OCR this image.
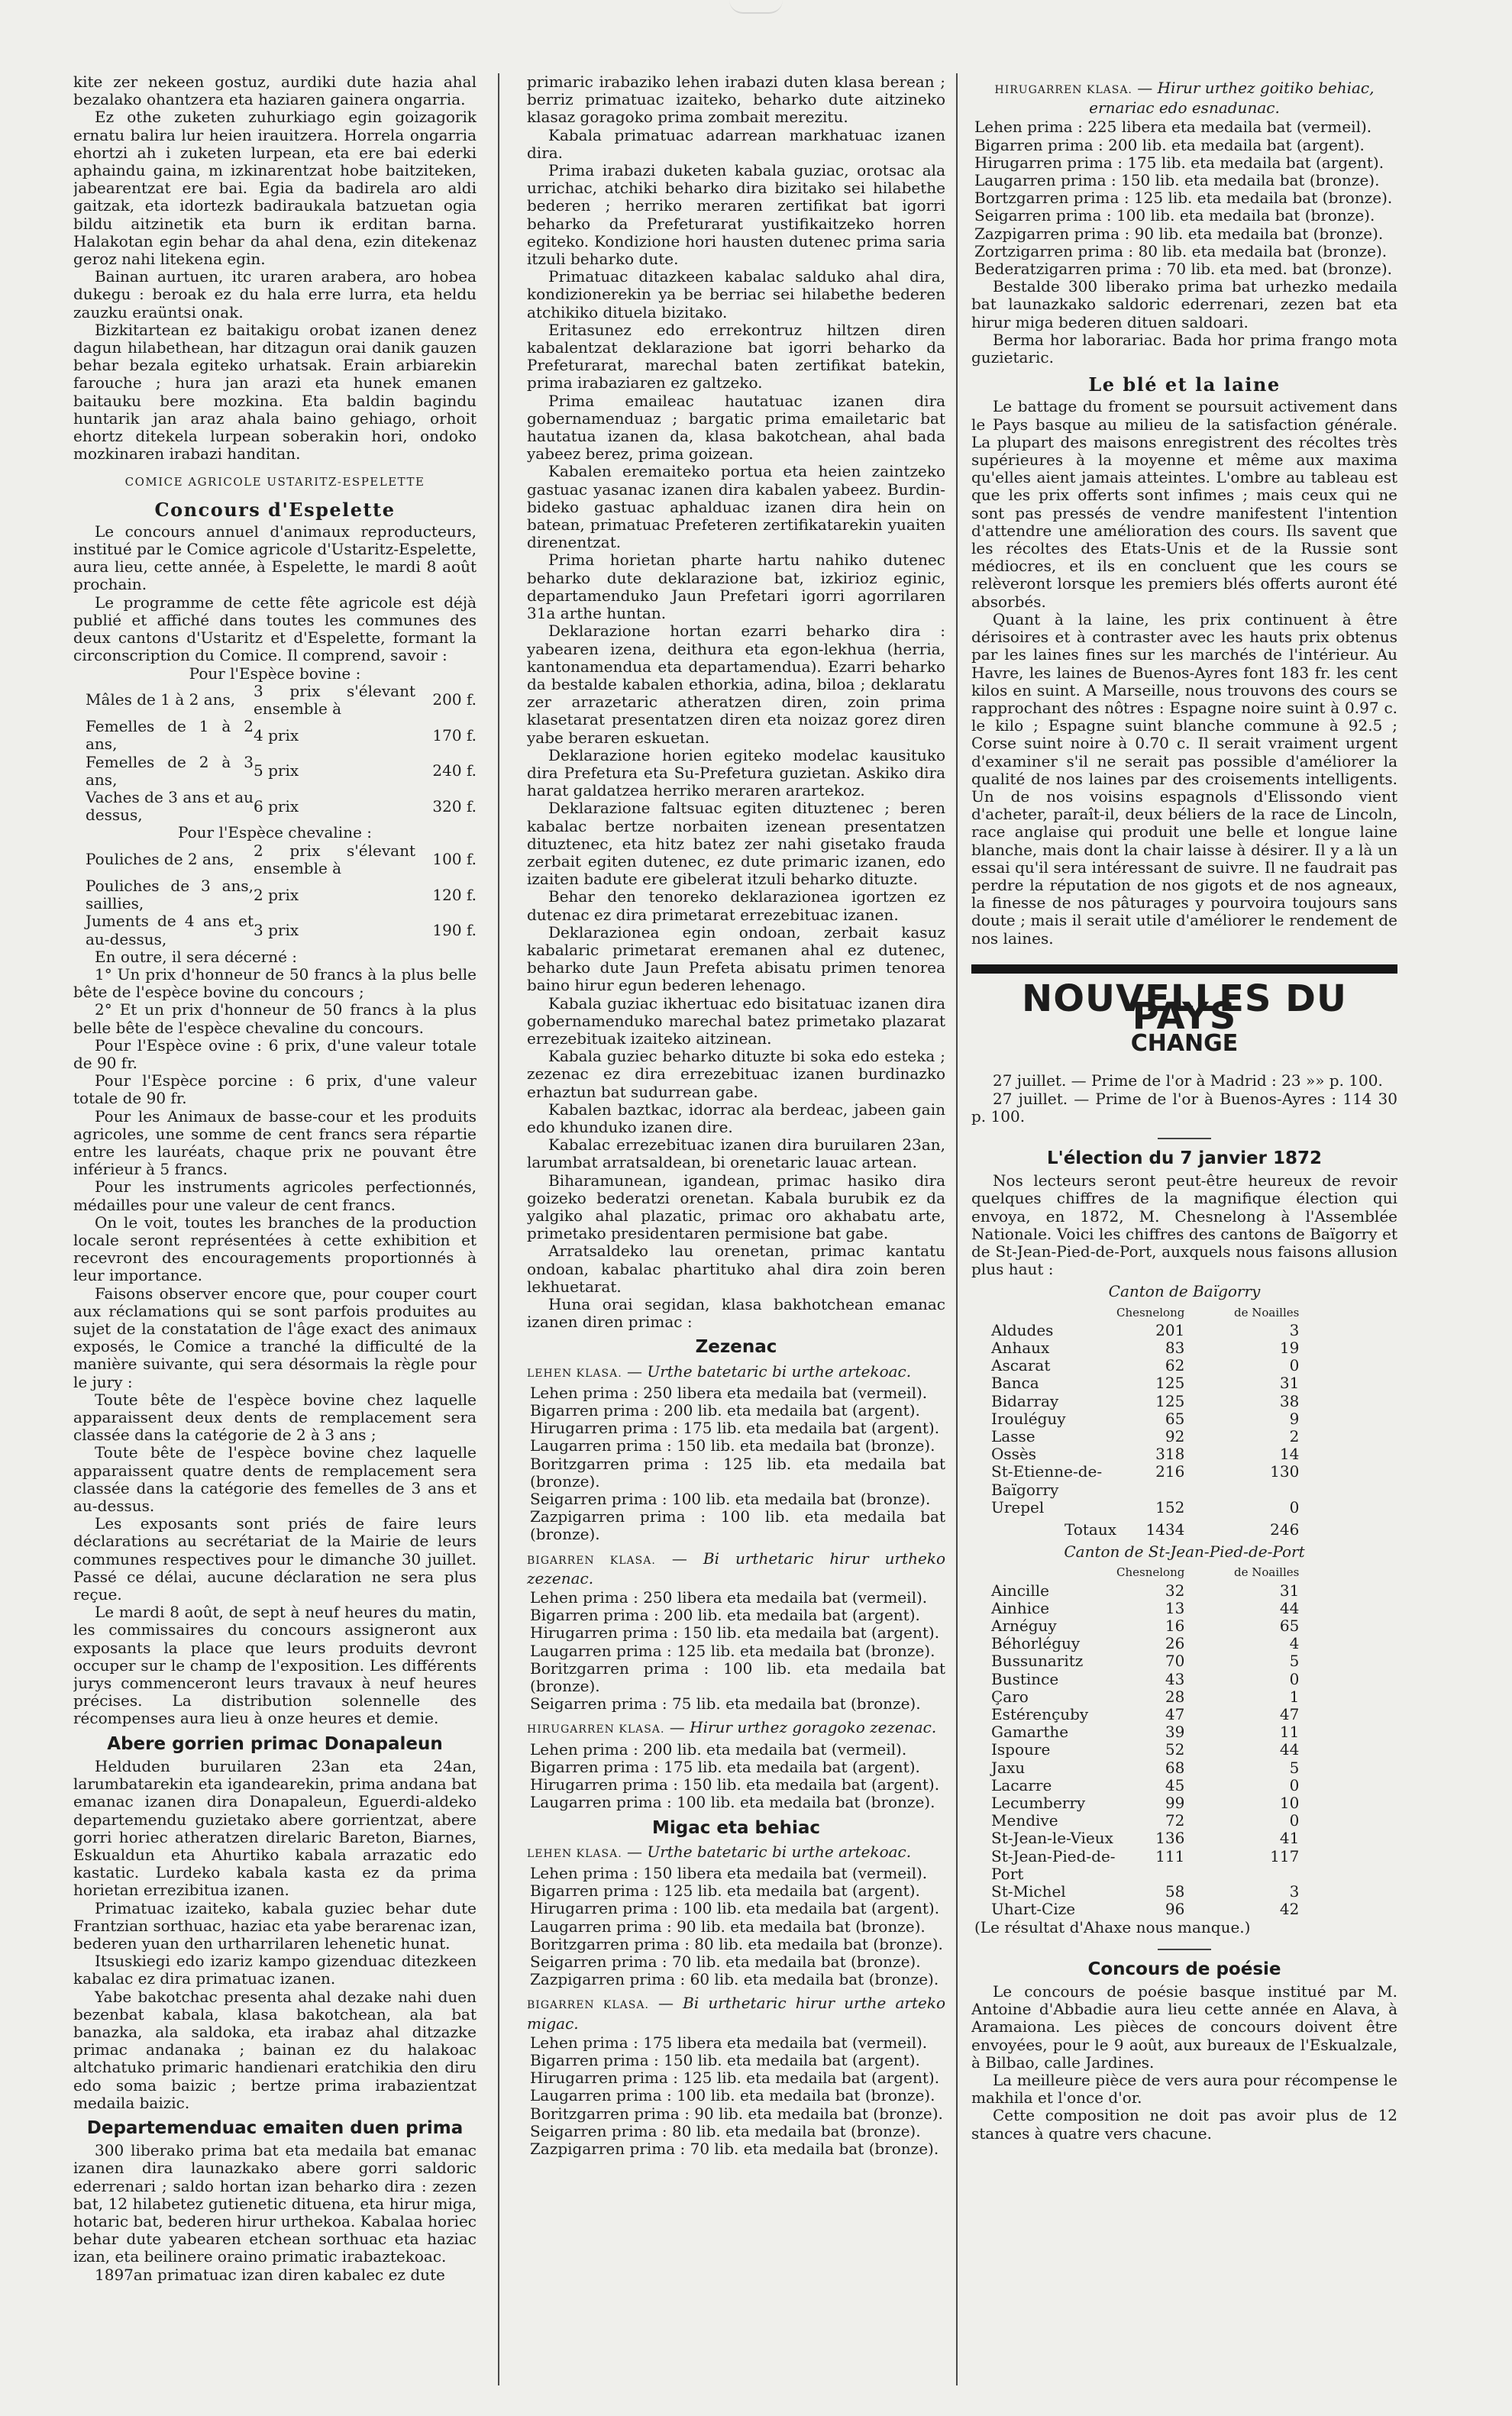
kite zer nekeen gostuz, aurdiki dute hazia ahal bezalako ohantzera eta haziaren gainera ongarria.

Ez othe zuketen zuhurkiago egin goizagorik ernatu balira lur heien irauitzera. Horrela ongarria ehortzi ah i zuketen lurpean, eta ere bai ederki aphaindu gaina, m izkinarentzat hobe baitziteken, jabearentzat ere bai. Egia da badirela aro aldi gaitzak, eta idortezk badiraukala batzuetan ogia bildu aitzinetik eta burn ik erditan barna. Halakotan egin behar da ahal dena, ezin ditekenaz geroz nahi litekena egin.

Bainan aurtuen, itc uraren arabera, aro hobea dukegu : beroak ez du hala erre lurra, eta heldu zauzku eraüntsi onak.

Bizkitartean ez baitakigu orobat izanen denez dagun hilabethean, har ditzagun orai danik gauzen behar bezala egiteko urhatsak. Erain arbiarekin farouche ; hura jan arazi eta hunek emanen baitauku bere mozkina. Eta baldin bagindu huntarik jan araz ahala baino gehiago, orhoit ehortz ditekela lurpean soberakin hori, ondoko mozkinaren irabazi handitan.

COMICE AGRICOLE USTARITZ-ESPELETTE
Concours d'Espelette

Le concours annuel d'animaux reproducteurs, institué par le Comice agricole d'Ustaritz-Espelette, aura lieu, cette année, à Espelette, le mardi 8 août prochain.

Le programme de cette fête agricole est déjà publié et affiché dans toutes les communes des deux cantons d'Ustaritz et d'Espelette, formant la circonscription du Comice. Il comprend, savoir :

Pour l'Espèce bovine :
Mâles de 1 à 2 ans,	3 prix s'élevant ensemble à	200 f.
Femelles de 1 à 2 ans,	4 prix	170 f.
Femelles de 2 à 3 ans,	5 prix	240 f.
Vaches de 3 ans et au dessus,	6 prix	320 f.
Pour l'Espèce chevaline :
Pouliches de 2 ans,	2 prix s'élevant ensemble à	100 f.
Pouliches de 3 ans, saillies,	2 prix	120 f.
Juments de 4 ans et au-dessus,	3 prix	190 f.

En outre, il sera décerné :

1° Un prix d'honneur de 50 francs à la plus belle bête de l'espèce bovine du concours ;

2° Et un prix d'honneur de 50 francs à la plus belle bête de l'espèce chevaline du concours.

Pour l'Espèce ovine : 6 prix, d'une valeur totale de 90 fr.

Pour l'Espèce porcine : 6 prix, d'une valeur totale de 90 fr.

Pour les Animaux de basse-cour et les produits agricoles, une somme de cent francs sera répartie entre les lauréats, chaque prix ne pouvant être inférieur à 5 francs.

Pour les instruments agricoles perfectionnés, médailles pour une valeur de cent francs.

On le voit, toutes les branches de la production locale seront représentées à cette exhibition et recevront des encouragements proportionnés à leur importance.

Faisons observer encore que, pour couper court aux réclamations qui se sont parfois produites au sujet de la constatation de l'âge exact des animaux exposés, le Comice a tranché la difficulté de la manière suivante, qui sera désormais la règle pour le jury :

Toute bête de l'espèce bovine chez laquelle apparaissent deux dents de remplacement sera classée dans la catégorie de 2 à 3 ans ;

Toute bête de l'espèce bovine chez laquelle apparaissent quatre dents de remplacement sera classée dans la catégorie des femelles de 3 ans et au-dessus.

Les exposants sont priés de faire leurs déclarations au secrétariat de la Mairie de leurs communes respectives pour le dimanche 30 juillet. Passé ce délai, aucune déclaration ne sera plus reçue.

Le mardi 8 août, de sept à neuf heures du matin, les commissaires du concours assigneront aux exposants la place que leurs produits devront occuper sur le champ de l'exposition. Les différents jurys commenceront leurs travaux à neuf heures précises. La distribution solennelle des récompenses aura lieu à onze heures et demie.

Abere gorrien primac Donapaleun

Helduden buruilaren 23an eta 24an, larumbatarekin eta igandearekin, prima andana bat emanac izanen dira Donapaleun, Eguerdi-aldeko departemendu guzietako abere gorrientzat, abere gorri horiec atheratzen direlaric Bareton, Biarnes, Eskualdun eta Ahurtiko kabala arrazatic edo kastatic. Lurdeko kabala kasta ez da prima horietan errezibitua izanen.

Primatuac izaiteko, kabala guziec behar dute Frantzian sorthuac, haziac eta yabe berarenac izan, bederen yuan den urtharrilaren lehenetic hunat.

Itsuskiegi edo izariz kampo gizenduac ditezkeen kabalac ez dira primatuac izanen.

Yabe bakotchac presenta ahal dezake nahi duen bezenbat kabala, klasa bakotchean, ala bat banazka, ala saldoka, eta irabaz ahal ditzazke primac andanaka ; bainan ez du halakoac altchatuko primaric handienari eratchikia den diru edo soma baizic ; bertze prima irabazientzat medaila baizic.

Departemenduac emaiten duen prima

300 liberako prima bat eta medaila bat emanac izanen dira launazkako abere gorri saldoric ederrenari ; saldo hortan izan beharko dira : zezen bat, 12 hilabetez gutienetic dituena, eta hirur miga, hotaric bat, bederen hirur urthekoa. Kabalaa horiec behar dute yabearen etchean sorthuac eta haziac izan, eta beilinere oraino primatic irabaztekoac.

1897an primatuac izan diren kabalec ez dute

primaric irabaziko lehen irabazi duten klasa berean ; berriz primatuac izaiteko, beharko dute aitzineko klasaz goragoko prima zombait merezitu.

Kabala primatuac adarrean markhatuac izanen dira.

Prima irabazi duketen kabala guziac, orotsac ala urrichac, atchiki beharko dira bizitako sei hilabethe bederen ; herriko meraren zertifikat bat igorri beharko da Prefeturarat yustifikaitzeko horren egiteko. Kondizione hori hausten dutenec prima saria itzuli beharko dute.

Primatuac ditazkeen kabalac salduko ahal dira, kondizionerekin ya be berriac sei hilabethe bederen atchikiko dituela bizitako.

Eritasunez edo errekontruz hiltzen diren kabalentzat deklarazione bat igorri beharko da Prefeturarat, marechal baten zertifikat batekin, prima irabaziaren ez galtzeko.

Prima emaileac hautatuac izanen dira gobernamenduaz ; bargatic prima emailetaric bat hautatua izanen da, klasa bakotchean, ahal bada yabeez berez, prima goizean.

Kabalen eremaiteko portua eta heien zaintzeko gastuac yasanac izanen dira kabalen yabeez. Burdin-bideko gastuac aphalduac izanen dira hein on batean, primatuac Prefeteren zertifikatarekin yuaiten direnentzat.

Prima horietan pharte hartu nahiko dutenec beharko dute deklarazione bat, izkirioz eginic, departamenduko Jaun Prefetari igorri agorrilaren 31a arthe huntan.

Deklarazione hortan ezarri beharko dira : yabearen izena, deithura eta egon-lekhua (herria, kantonamendua eta departamendua). Ezarri beharko da bestalde kabalen ethorkia, adina, biloa ; deklaratu zer arrazetaric atheratzen diren, zoin prima klasetarat presentatzen diren eta noizaz gorez diren yabe beraren eskuetan.

Deklarazione horien egiteko modelac kausituko dira Prefetura eta Su-Prefetura guzietan. Askiko dira harat galdatzea herriko meraren arartekoz.

Deklarazione faltsuac egiten dituztenec ; beren kabalac bertze norbaiten izenean presentatzen dituztenec, eta hitz batez zer nahi gisetako frauda zerbait egiten dutenec, ez dute primaric izanen, edo izaiten badute ere gibelerat itzuli beharko dituzte.

Behar den tenoreko deklarazionea igortzen ez dutenac ez dira primetarat errezebituac izanen.

Deklarazionea egin ondoan, zerbait kasuz kabalaric primetarat eremanen ahal ez dutenec, beharko dute Jaun Prefeta abisatu primen tenorea baino hirur egun bederen lehenago.

Kabala guziac ikhertuac edo bisitatuac izanen dira gobernamenduko marechal batez primetako plazarat errezebituak izaiteko aitzinean.

Kabala guziec beharko dituzte bi soka edo esteka ; zezenac ez dira errezebituac izanen burdinazko erhaztun bat sudurrean gabe.

Kabalen baztkac, idorrac ala berdeac, jabeen gain edo khunduko izanen dire.

Kabalac errezebituac izanen dira buruilaren 23an, larumbat arratsaldean, bi orenetaric lauac artean.

Biharamunean, igandean, primac hasiko dira goizeko bederatzi orenetan. Kabala burubik ez da yalgiko ahal plazatic, primac oro akhabatu arte, primetako presidentaren permisione bat gabe.

Arratsaldeko lau orenetan, primac kantatu ondoan, kabalac phartituko ahal dira zoin beren lekhuetarat.

Huna orai segidan, klasa bakhotchean emanac izanen diren primac :

Zezenac
LEHEN KLASA. — Urthe batetaric bi urthe artekoac.
Lehen prima : 250 libera eta medaila bat (vermeil).
Bigarren prima : 200 lib. eta medaila bat (argent).
Hirugarren prima : 175 lib. eta medaila bat (argent).
Laugarren prima : 150 lib. eta medaila bat (bronze).
Boritzgarren prima : 125 lib. eta medaila bat (bronze).
Seigarren prima : 100 lib. eta medaila bat (bronze).
Zazpigarren prima : 100 lib. eta medaila bat (bronze).
BIGARREN KLASA. — Bi urthetaric hirur urtheko zezenac.
Lehen prima : 250 libera eta medaila bat (vermeil).
Bigarren prima : 200 lib. eta medaila bat (argent).
Hirugarren prima : 150 lib. eta medaila bat (argent).
Laugarren prima : 125 lib. eta medaila bat (bronze).
Boritzgarren prima : 100 lib. eta medaila bat (bronze).
Seigarren prima : 75 lib. eta medaila bat (bronze).
HIRUGARREN KLASA. — Hirur urthez goragoko zezenac.
Lehen prima : 200 lib. eta medaila bat (vermeil).
Bigarren prima : 175 lib. eta medaila bat (argent).
Hirugarren prima : 150 lib. eta medaila bat (argent).
Laugarren prima : 100 lib. eta medaila bat (bronze).
Migac eta behiac
LEHEN KLASA. — Urthe batetaric bi urthe artekoac.
Lehen prima : 150 libera eta medaila bat (vermeil).
Bigarren prima : 125 lib. eta medaila bat (argent).
Hirugarren prima : 100 lib. eta medaila bat (argent).
Laugarren prima : 90 lib. eta medaila bat (bronze).
Boritzgarren prima : 80 lib. eta medaila bat (bronze).
Seigarren prima : 70 lib. eta medaila bat (bronze).
Zazpigarren prima : 60 lib. eta medaila bat (bronze).
BIGARREN KLASA. — Bi urthetaric hirur urthe arteko migac.
Lehen prima : 175 libera eta medaila bat (vermeil).
Bigarren prima : 150 lib. eta medaila bat (argent).
Hirugarren prima : 125 lib. eta medaila bat (argent).
Laugarren prima : 100 lib. eta medaila bat (bronze).
Boritzgarren prima : 90 lib. eta medaila bat (bronze).
Seigarren prima : 80 lib. eta medaila bat (bronze).
Zazpigarren prima : 70 lib. eta medaila bat (bronze).
HIRUGARREN KLASA. — Hirur urthez goitiko behiac, ernariac edo esnadunac.
Lehen prima : 225 libera eta medaila bat (vermeil).
Bigarren prima : 200 lib. eta medaila bat (argent).
Hirugarren prima : 175 lib. eta medaila bat (argent).
Laugarren prima : 150 lib. eta medaila bat (bronze).
Bortzgarren prima : 125 lib. eta medaila bat (bronze).
Seigarren prima : 100 lib. eta medaila bat (bronze).
Zazpigarren prima : 90 lib. eta medaila bat (bronze).
Zortzigarren prima : 80 lib. eta medaila bat (bronze).
Bederatzigarren prima : 70 lib. eta med. bat (bronze).

Bestalde 300 liberako prima bat urhezko medaila bat launazkako saldoric ederrenari, zezen bat eta hirur miga bederen dituen saldoari.

Berma hor laborariac. Bada hor prima frango mota guzietaric.

Le blé et la laine

Le battage du froment se poursuit activement dans le Pays basque au milieu de la satisfaction générale. La plupart des maisons enregistrent des récoltes très supérieures à la moyenne et même aux maxima qu'elles aient jamais atteintes. L'ombre au tableau est que les prix offerts sont infimes ; mais ceux qui ne sont pas pressés de vendre manifestent l'intention d'attendre une amélioration des cours. Ils savent que les récoltes des Etats-Unis et de la Russie sont médiocres, et ils en concluent que les cours se relèveront lorsque les premiers blés offerts auront été absorbés.

Quant à la laine, les prix continuent à être dérisoires et à contraster avec les hauts prix obtenus par les laines fines sur les marchés de l'intérieur. Au Havre, les laines de Buenos-Ayres font 183 fr. les cent kilos en suint. A Marseille, nous trouvons des cours se rapprochant des nôtres : Espagne noire suint à 0.97 c. le kilo ; Espagne suint blanche commune à 92.5 ; Corse suint noire à 0.70 c. Il serait vraiment urgent d'examiner s'il ne serait pas possible d'améliorer la qualité de nos laines par des croisements intelligents. Un de nos voisins espagnols d'Elissondo vient d'acheter, paraît-il, deux béliers de la race de Lincoln, race anglaise qui produit une belle et longue laine blanche, mais dont la chair laisse à désirer. Il y a là un essai qu'il sera intéressant de suivre. Il ne faudrait pas perdre la réputation de nos gigots et de nos agneaux, la finesse de nos pâturages y pourvoira toujours sans doute ; mais il serait utile d'améliorer le rendement de nos laines.

NOUVELLES DU PAYS
CHANGE

27 juillet. — Prime de l'or à Madrid : 23 »» p. 100.

27 juillet. — Prime de l'or à Buenos-Ayres : 114 30 p. 100.

L'élection du 7 janvier 1872

Nos lecteurs seront peut-être heureux de revoir quelques chiffres de la magnifique élection qui envoya, en 1872, M. Chesnelong à l'Assemblée Nationale. Voici les chiffres des cantons de Baïgorry et de St-Jean-Pied-de-Port, auxquels nous faisons allusion plus haut :

Canton de Baïgorry
	Chesnelong	de Noailles
Aldudes	201	3
Anhaux	83	19
Ascarat	62	0
Banca	125	31
Bidarray	125	38
Irouléguy	65	9
Lasse	92	2
Ossès	318	14
St-Etienne-de-Baïgorry	216	130
Urepel	152	0
Totaux	1434	246
Canton de St-Jean-Pied-de-Port
	Chesnelong	de Noailles
Aincille	32	31
Ainhice	13	44
Arnéguy	16	65
Béhorléguy	26	4
Bussunaritz	70	5
Bustince	43	0
Çaro	28	1
Estérençuby	47	47
Gamarthe	39	11
Ispoure	52	44
Jaxu	68	5
Lacarre	45	0
Lecumberry	99	10
Mendive	72	0
St-Jean-le-Vieux	136	41
St-Jean-Pied-de-Port	111	117
St-Michel	58	3
Uhart-Cize	96	42
(Le résultat d'Ahaxe nous manque.)
Concours de poésie

Le concours de poésie basque institué par M. Antoine d'Abbadie aura lieu cette année en Alava, à Aramaiona. Les pièces de concours doivent être envoyées, pour le 9 août, aux bureaux de l'Eskualzale, à Bilbao, calle Jardines.

La meilleure pièce de vers aura pour récompense le makhila et l'once d'or.

Cette composition ne doit pas avoir plus de 12 stances à quatre vers chacune.
